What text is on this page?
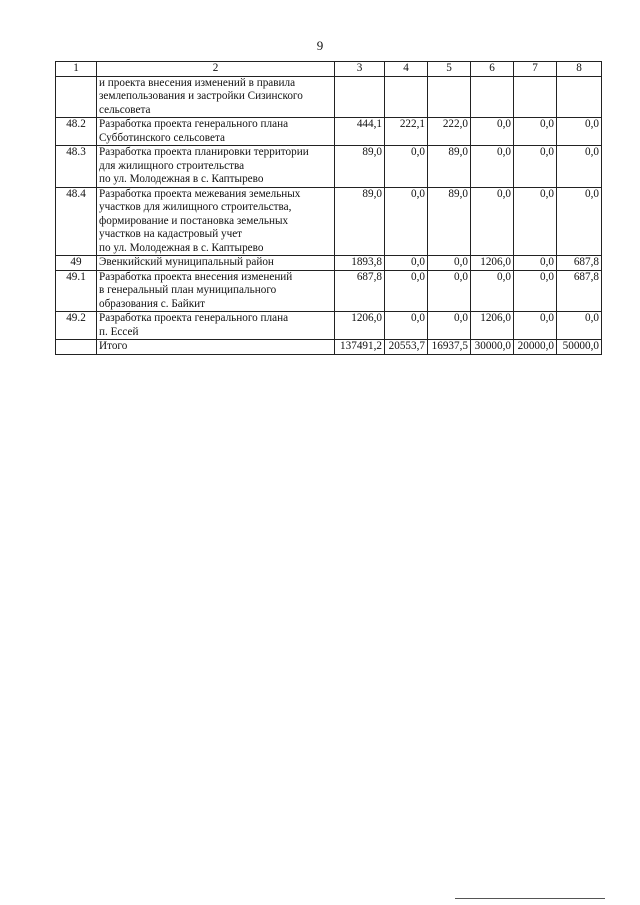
9
1	2	3	4	5	6	7	8
	и проекта внесения изменений в правила
землепользования и застройки Сизинского
сельсовета						
48.2	Разработка проекта генерального плана
Субботинского сельсовета	444,1	222,1	222,0	0,0	0,0	0,0
48.3	Разработка проекта планировки территории
для жилищного строительства
по ул. Молодежная в с. Каптырево	89,0	0,0	89,0	0,0	0,0	0,0
48.4	Разработка проекта межевания земельных
участков для жилищного строительства,
формирование и постановка земельных
участков на кадастровый учет
по ул. Молодежная в с. Каптырево	89,0	0,0	89,0	0,0	0,0	0,0
49	Эвенкийский муниципальный район	1893,8	0,0	0,0	1206,0	0,0	687,8
49.1	Разработка проекта внесения изменений
в генеральный план муниципального
образования с. Байкит	687,8	0,0	0,0	0,0	0,0	687,8
49.2	Разработка проекта генерального плана
п. Ессей	1206,0	0,0	0,0	1206,0	0,0	0,0
	Итого	137491,2	20553,7	16937,5	30000,0	20000,0	50000,0
